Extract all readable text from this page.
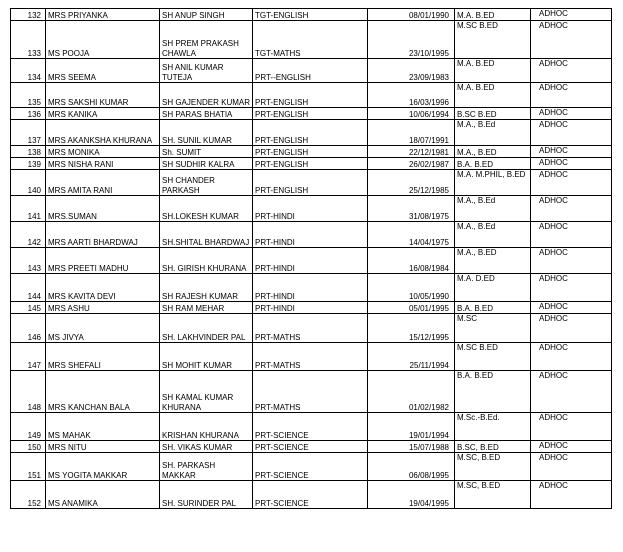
132	MRS PRIYANKA	SH ANUP SINGH	TGT-ENGLISH	08/01/1990	M.A. B.ED	ADHOC
133	MS POOJA	SH PREM PRAKASH CHAWLA	TGT-MATHS	23/10/1995	M.SC B.ED	ADHOC
134	MRS SEEMA	SH ANIL KUMAR TUTEJA	PRT--ENGLISH	23/09/1983	M.A. B.ED	ADHOC
135	MRS SAKSHI KUMAR	SH GAJENDER KUMAR	PRT-ENGLISH	16/03/1996	M.A. B.ED	ADHOC
136	MRS KANIKA	SH PARAS BHATIA	PRT-ENGLISH	10/06/1994	B.SC B.ED	ADHOC
137	MRS AKANKSHA KHURANA	SH. SUNIL KUMAR	PRT-ENGLISH	18/07/1991	M.A., B.Ed	ADHOC
138	MRS MONIKA	Sh. SUMIT	PRT-ENGLISH	22/12/1981	M.A., B.ED	ADHOC
139	MRS NISHA RANI	SH SUDHIR KALRA	PRT-ENGLISH	26/02/1987	B.A. B.ED	ADHOC
140	MRS AMITA RANI	SH CHANDER PARKASH	PRT-ENGLISH	25/12/1985	M.A. M.PHIL, B.ED	ADHOC
141	MRS.SUMAN	SH.LOKESH KUMAR	PRT-HINDI	31/08/1975	M.A., B.Ed	ADHOC
142	MRS AARTI BHARDWAJ	SH.SHITAL BHARDWAJ	PRT-HINDI	14/04/1975	M.A., B.Ed	ADHOC
143	MRS PREETI MADHU	SH. GIRISH KHURANA	PRT-HINDI	16/08/1984	M.A., B.ED	ADHOC
144	MRS KAVITA DEVI	SH RAJESH KUMAR	PRT-HINDI	10/05/1990	M.A. D.ED	ADHOC
145	MRS ASHU	SH RAM MEHAR	PRT-HINDI	05/01/1995	B.A. B.ED	ADHOC
146	MS JIVYA	SH. LAKHVINDER PAL	PRT-MATHS	15/12/1995	M.SC	ADHOC
147	MRS SHEFALI	SH MOHIT KUMAR	PRT-MATHS	25/11/1994	M.SC B.ED	ADHOC
148	MRS KANCHAN BALA	SH KAMAL KUMAR KHURANA	PRT-MATHS	01/02/1982	B.A. B.ED	ADHOC
149	MS MAHAK	KRISHAN KHURANA	PRT-SCIENCE	19/01/1994	M.Sc.-B.Ed.	ADHOC
150	MRS NITU	SH. VIKAS KUMAR	PRT-SCIENCE	15/07/1988	B.SC, B.ED	ADHOC
151	MS YOGITA MAKKAR	SH. PARKASH MAKKAR	PRT-SCIENCE	06/08/1995	M.SC, B.ED	ADHOC
152	MS ANAMIKA	SH. SURINDER PAL	PRT-SCIENCE	19/04/1995	M.SC, B.ED	ADHOC
